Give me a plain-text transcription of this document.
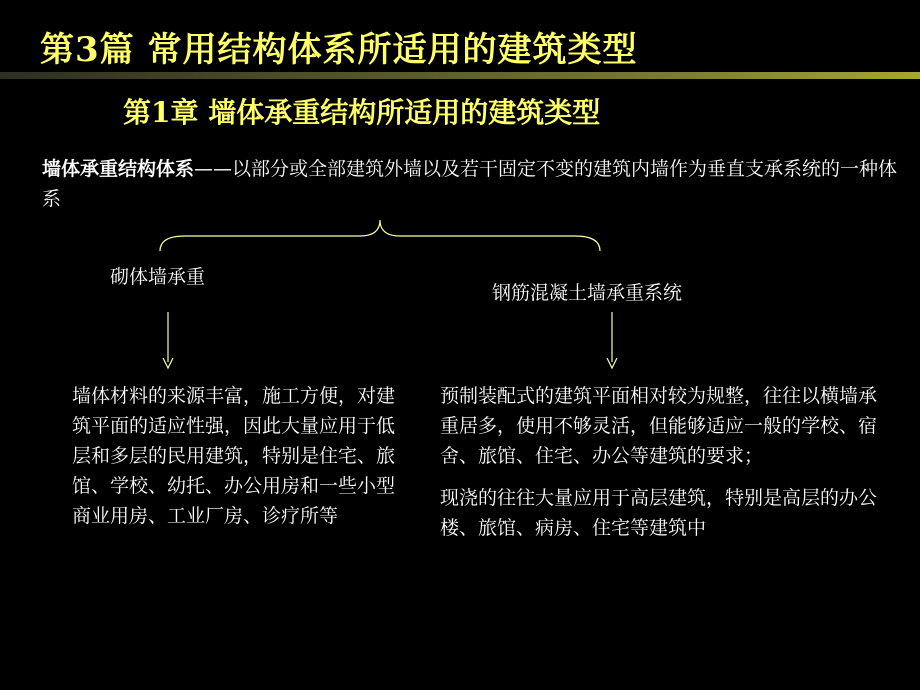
第3篇 常用结构体系所适用的建筑类型
第1章 墙体承重结构所适用的建筑类型
墙体承重结构体系——以部分或全部建筑外墙以及若干固定不变的建筑内墙作为垂直支承系统的一种体系
砌体墙承重
钢筋混凝土墙承重系统
墙体材料的来源丰富，施工方便，对建筑平面的适应性强，因此大量应用于低层和多层的民用建筑，特别是住宅、旅馆、学校、幼托、办公用房和一些小型商业用房、工业厂房、诊疗所等

预制装配式的建筑平面相对较为规整，往往以横墙承重居多，使用不够灵活，但能够适应一般的学校、宿舍、旅馆、住宅、办公等建筑的要求；

现浇的往往大量应用于高层建筑，特别是高层的办公楼、旅馆、病房、住宅等建筑中
